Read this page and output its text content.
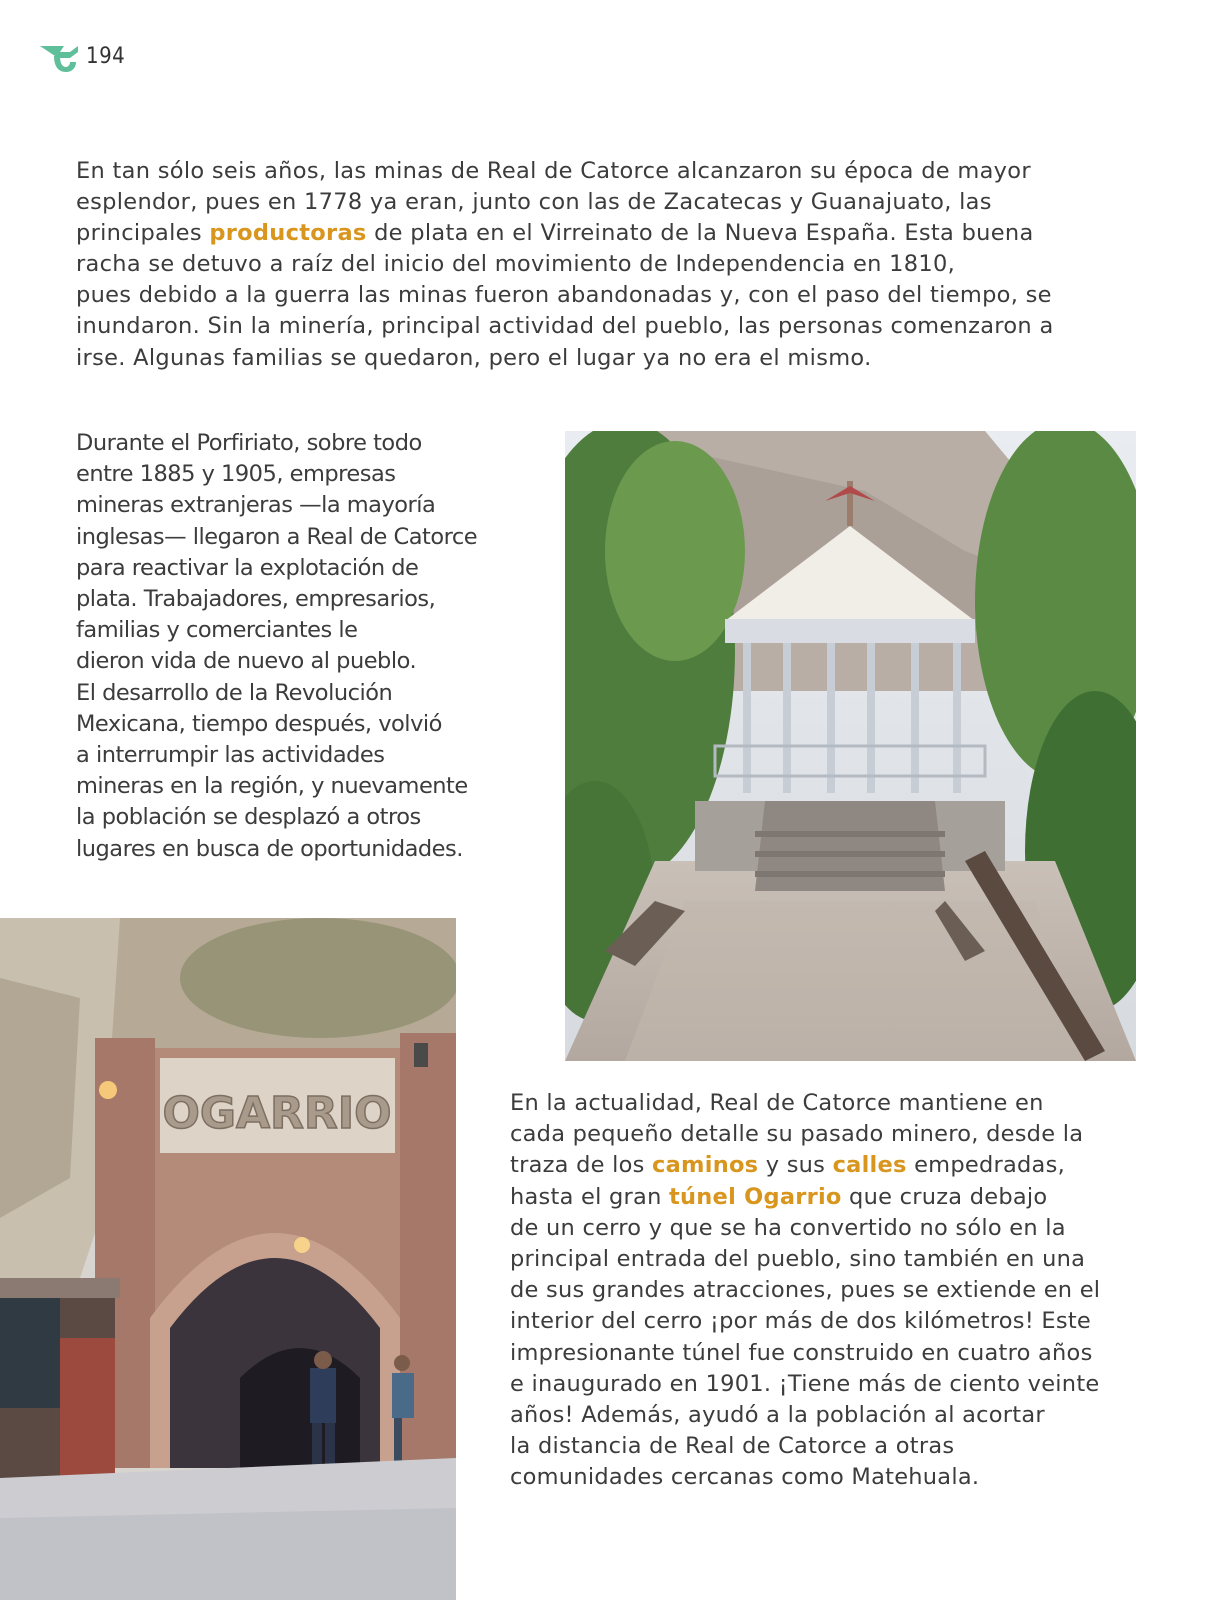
194
En tan sólo seis años, las minas de Real de Catorce alcanzaron su época de mayor
esplendor, pues en 1778 ya eran, junto con las de Zacatecas y Guanajuato, las
principales productoras de plata en el Virreinato de la Nueva España. Esta buena
racha se detuvo a raíz del inicio del movimiento de Independencia en 1810,
pues debido a la guerra las minas fueron abandonadas y, con el paso del tiempo, se
inundaron. Sin la minería, principal actividad del pueblo, las personas comenzaron a
irse. Algunas familias se quedaron, pero el lugar ya no era el mismo.
Durante el Porfiriato, sobre todo
entre 1885 y 1905, empresas
mineras extranjeras —la mayoría
inglesas— llegaron a Real de Catorce
para reactivar la explotación de
plata. Trabajadores, empresarios,
familias y comerciantes le
dieron vida de nuevo al pueblo.
El desarrollo de la Revolución
Mexicana, tiempo después, volvió
a interrumpir las actividades
mineras en la región, y nuevamente
la población se desplazó a otros
lugares en busca de oportunidades.
OGARRIO	En la actualidad, Real de Catorce mantiene en
cada pequeño detalle su pasado minero, desde la
traza de los caminos y sus calles empedradas,
hasta el gran túnel Ogarrio que cruza debajo
de un cerro y que se ha convertido no sólo en la
principal entrada del pueblo, sino también en una
de sus grandes atracciones, pues se extiende en el
interior del cerro ¡por más de dos kilómetros! Este
impresionante túnel fue construido en cuatro años
e inaugurado en 1901. ¡Tiene más de ciento veinte
años! Además, ayudó a la población al acortar
la distancia de Real de Catorce a otras
comunidades cercanas como Matehuala.
